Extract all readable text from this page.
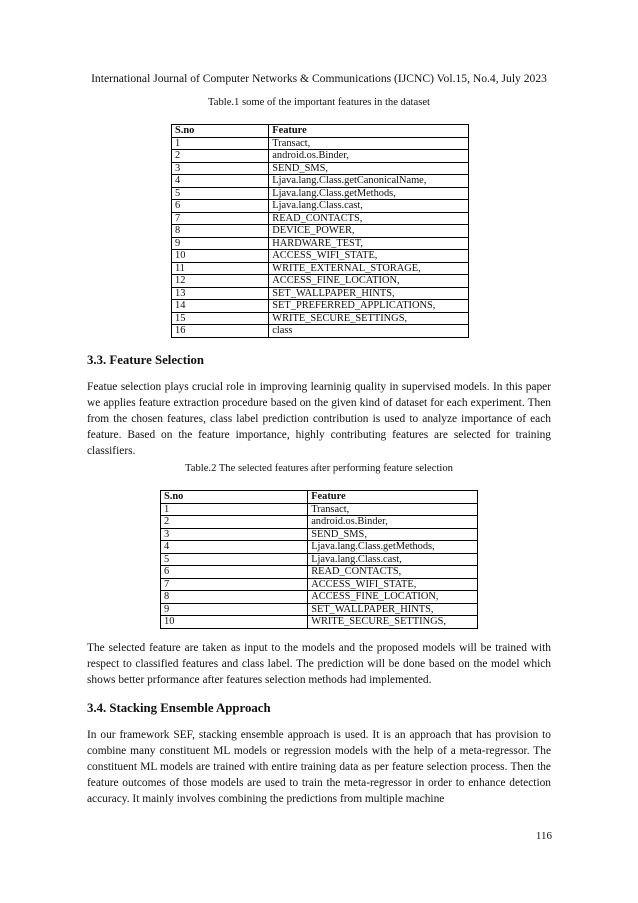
International Journal of Computer Networks & Communications (IJCNC) Vol.15, No.4, July 2023
Table.1 some of the important features in the dataset
S.no	Feature
1	Transact,
2	android.os.Binder,
3	SEND_SMS,
4	Ljava.lang.Class.getCanonicalName,
5	Ljava.lang.Class.getMethods,
6	Ljava.lang.Class.cast,
7	READ_CONTACTS,
8	DEVICE_POWER,
9	HARDWARE_TEST,
10	ACCESS_WIFI_STATE,
11	WRITE_EXTERNAL_STORAGE,
12	ACCESS_FINE_LOCATION,
13	SET_WALLPAPER_HINTS,
14	SET_PREFERRED_APPLICATIONS,
15	WRITE_SECURE_SETTINGS,
16	class
3.3. Feature Selection
Featue selection plays crucial role in improving learninig quality in supervised models. In this paper we applies feature extraction procedure based on the given kind of dataset for each experiment. Then from the chosen features, class label prediction contribution is used to analyze importance of each feature. Based on the feature importance, highly contributing features are selected for training classifiers.
Table.2 The selected features after performing feature selection
S.no	Feature
1	Transact,
2	android.os.Binder,
3	SEND_SMS,
4	Ljava.lang.Class.getMethods,
5	Ljava.lang.Class.cast,
6	READ_CONTACTS,
7	ACCESS_WIFI_STATE,
8	ACCESS_FINE_LOCATION,
9	SET_WALLPAPER_HINTS,
10	WRITE_SECURE_SETTINGS,
The selected feature are taken as input to the models and the proposed models will be trained with respect to classified features and class label. The prediction will be done based on the model which shows better prformance after features selection methods had implemented.
3.4. Stacking Ensemble Approach
In our framework SEF, stacking ensemble approach is used. It is an approach that has provision to combine many constituent ML models or regression models with the help of a meta-regressor. The constituent ML models are trained with entire training data as per feature selection process. Then the feature outcomes of those models are used to train the meta-regressor in order to enhance detection accuracy. It mainly involves combining the predictions from multiple machine
116
